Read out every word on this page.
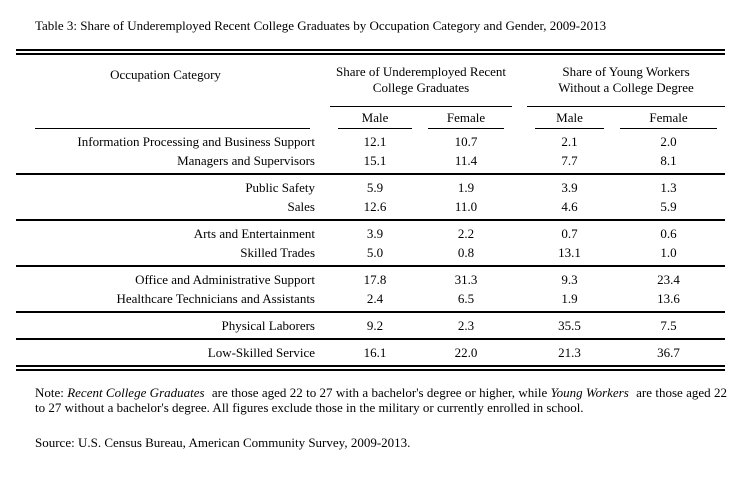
Table 3: Share of Underemployed Recent College Graduates by Occupation Category and Gender, 2009-2013
Occupation Category	Share of Underemployed Recent
College Graduates

Share of Young Workers
Without a College Degree

	Male	Female		Male	Female
Information Processing and Business Support	12.1	10.7		2.1	2.0
Managers and Supervisors	15.1	11.4		7.7	8.1
Public Safety	5.9	1.9		3.9	1.3
Sales	12.6	11.0		4.6	5.9
Arts and Entertainment	3.9	2.2		0.7	0.6
Skilled Trades	5.0	0.8		13.1	1.0
Office and Administrative Support	17.8	31.3		9.3	23.4
Healthcare Technicians and Assistants	2.4	6.5		1.9	13.6
Physical Laborers	9.2	2.3		35.5	7.5
Low-Skilled Service	16.1	22.0		21.3	36.7
Note: Recent College Graduates are those aged 22 to 27 with a bachelor's degree or higher, while Young Workers are those aged 22 to 27 without a bachelor's degree. All figures exclude those in the military or currently enrolled in school.
Source: U.S. Census Bureau, American Community Survey, 2009-2013.
